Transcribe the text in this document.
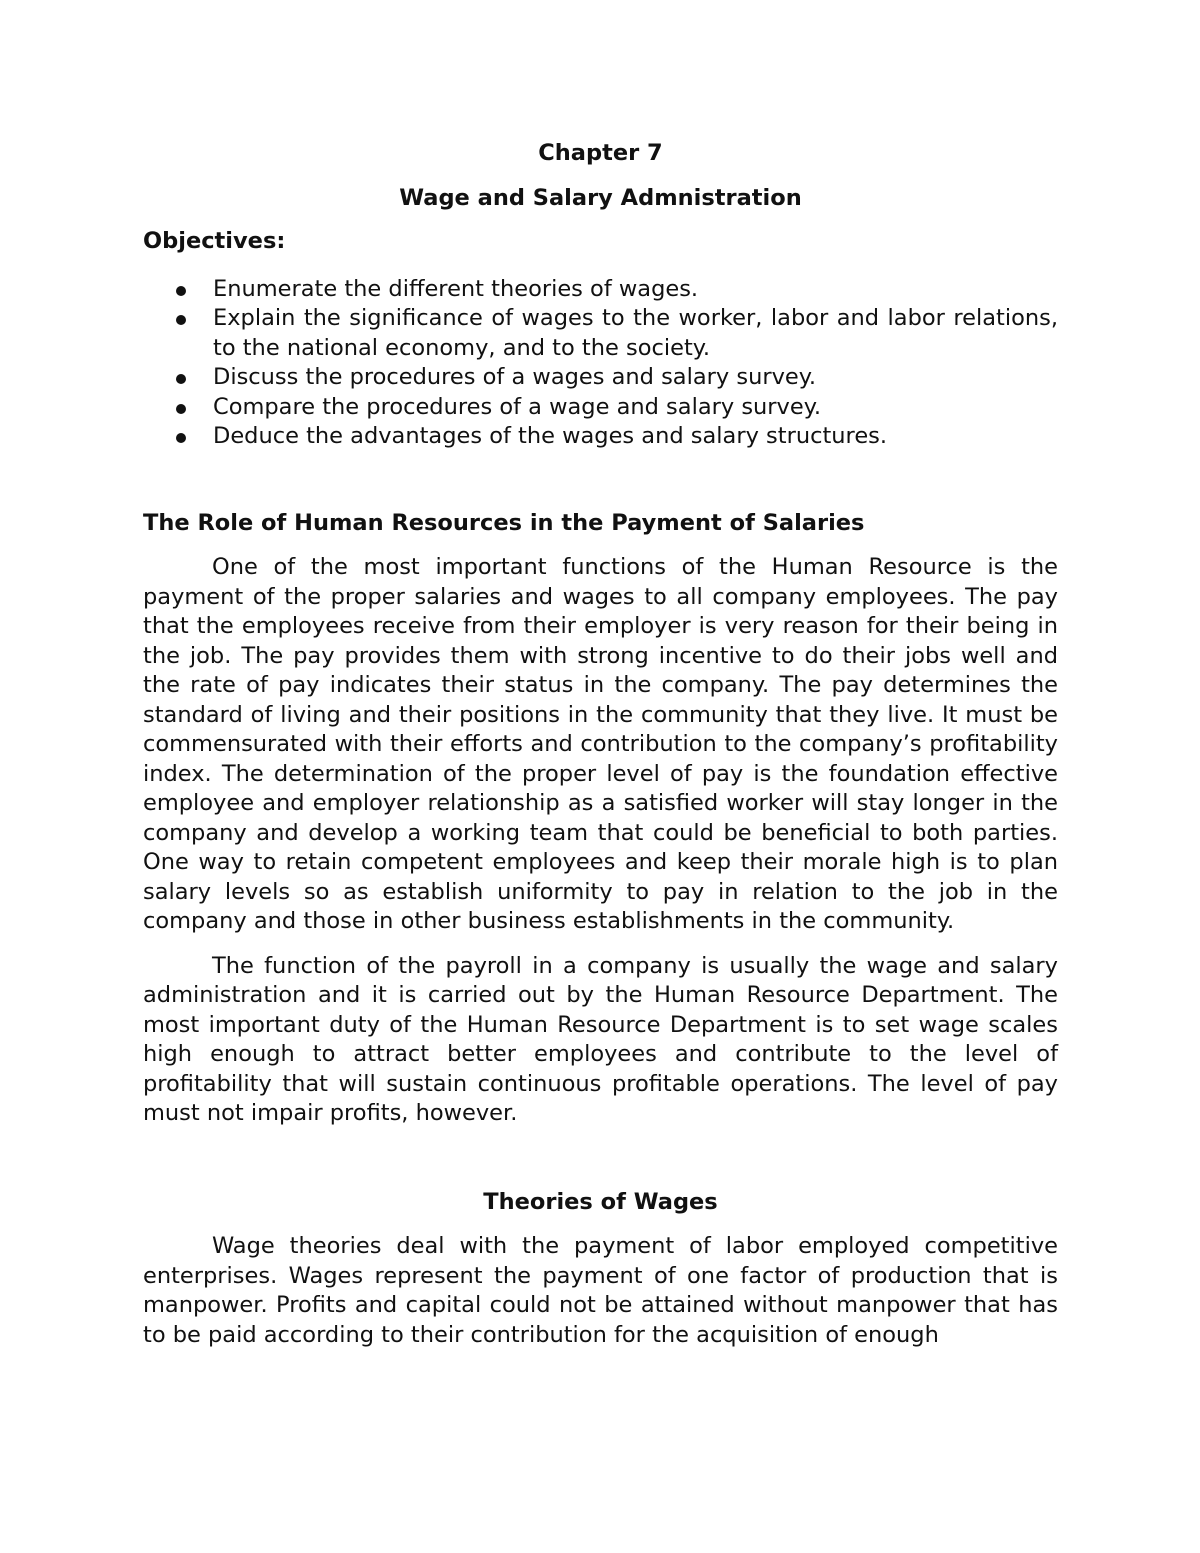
Chapter 7
Wage and Salary Admnistration
Objectives:
Enumerate the different theories of wages.
Explain the significance of wages to the worker, labor and labor relations, to the national economy, and to the society.
Discuss the procedures of a wages and salary survey.
Compare the procedures of a wage and salary survey.
Deduce the advantages of the wages and salary structures.
The Role of Human Resources in the Payment of Salaries

One of the most important functions of the Human Resource is the payment of the proper salaries and wages to all company employees. The pay that the employees receive from their employer is very reason for their being in the job. The pay provides them with strong incentive to do their jobs well and the rate of pay indicates their status in the company. The pay determines the standard of living and their positions in the community that they live. It must be commensurated with their efforts and contribution to the company’s profitability index. The determination of the proper level of pay is the foundation effective employee and employer relationship as a satisfied worker will stay longer in the company and develop a working team that could be beneficial to both parties. One way to retain competent employees and keep their morale high is to plan salary levels so as establish uniformity to pay in relation to the job in the company and those in other business establishments in the community.

The function of the payroll in a company is usually the wage and salary administration and it is carried out by the Human Resource Department. The most important duty of the Human Resource Department is to set wage scales high enough to attract better employees and contribute to the level of profitability that will sustain continuous profitable operations. The level of pay must not impair profits, however.

Theories of Wages

Wage theories deal with the payment of labor employed competitive enterprises. Wages represent the payment of one factor of production that is manpower. Profits and capital could not be attained without manpower that has to be paid according to their contribution for the acquisition of enough
